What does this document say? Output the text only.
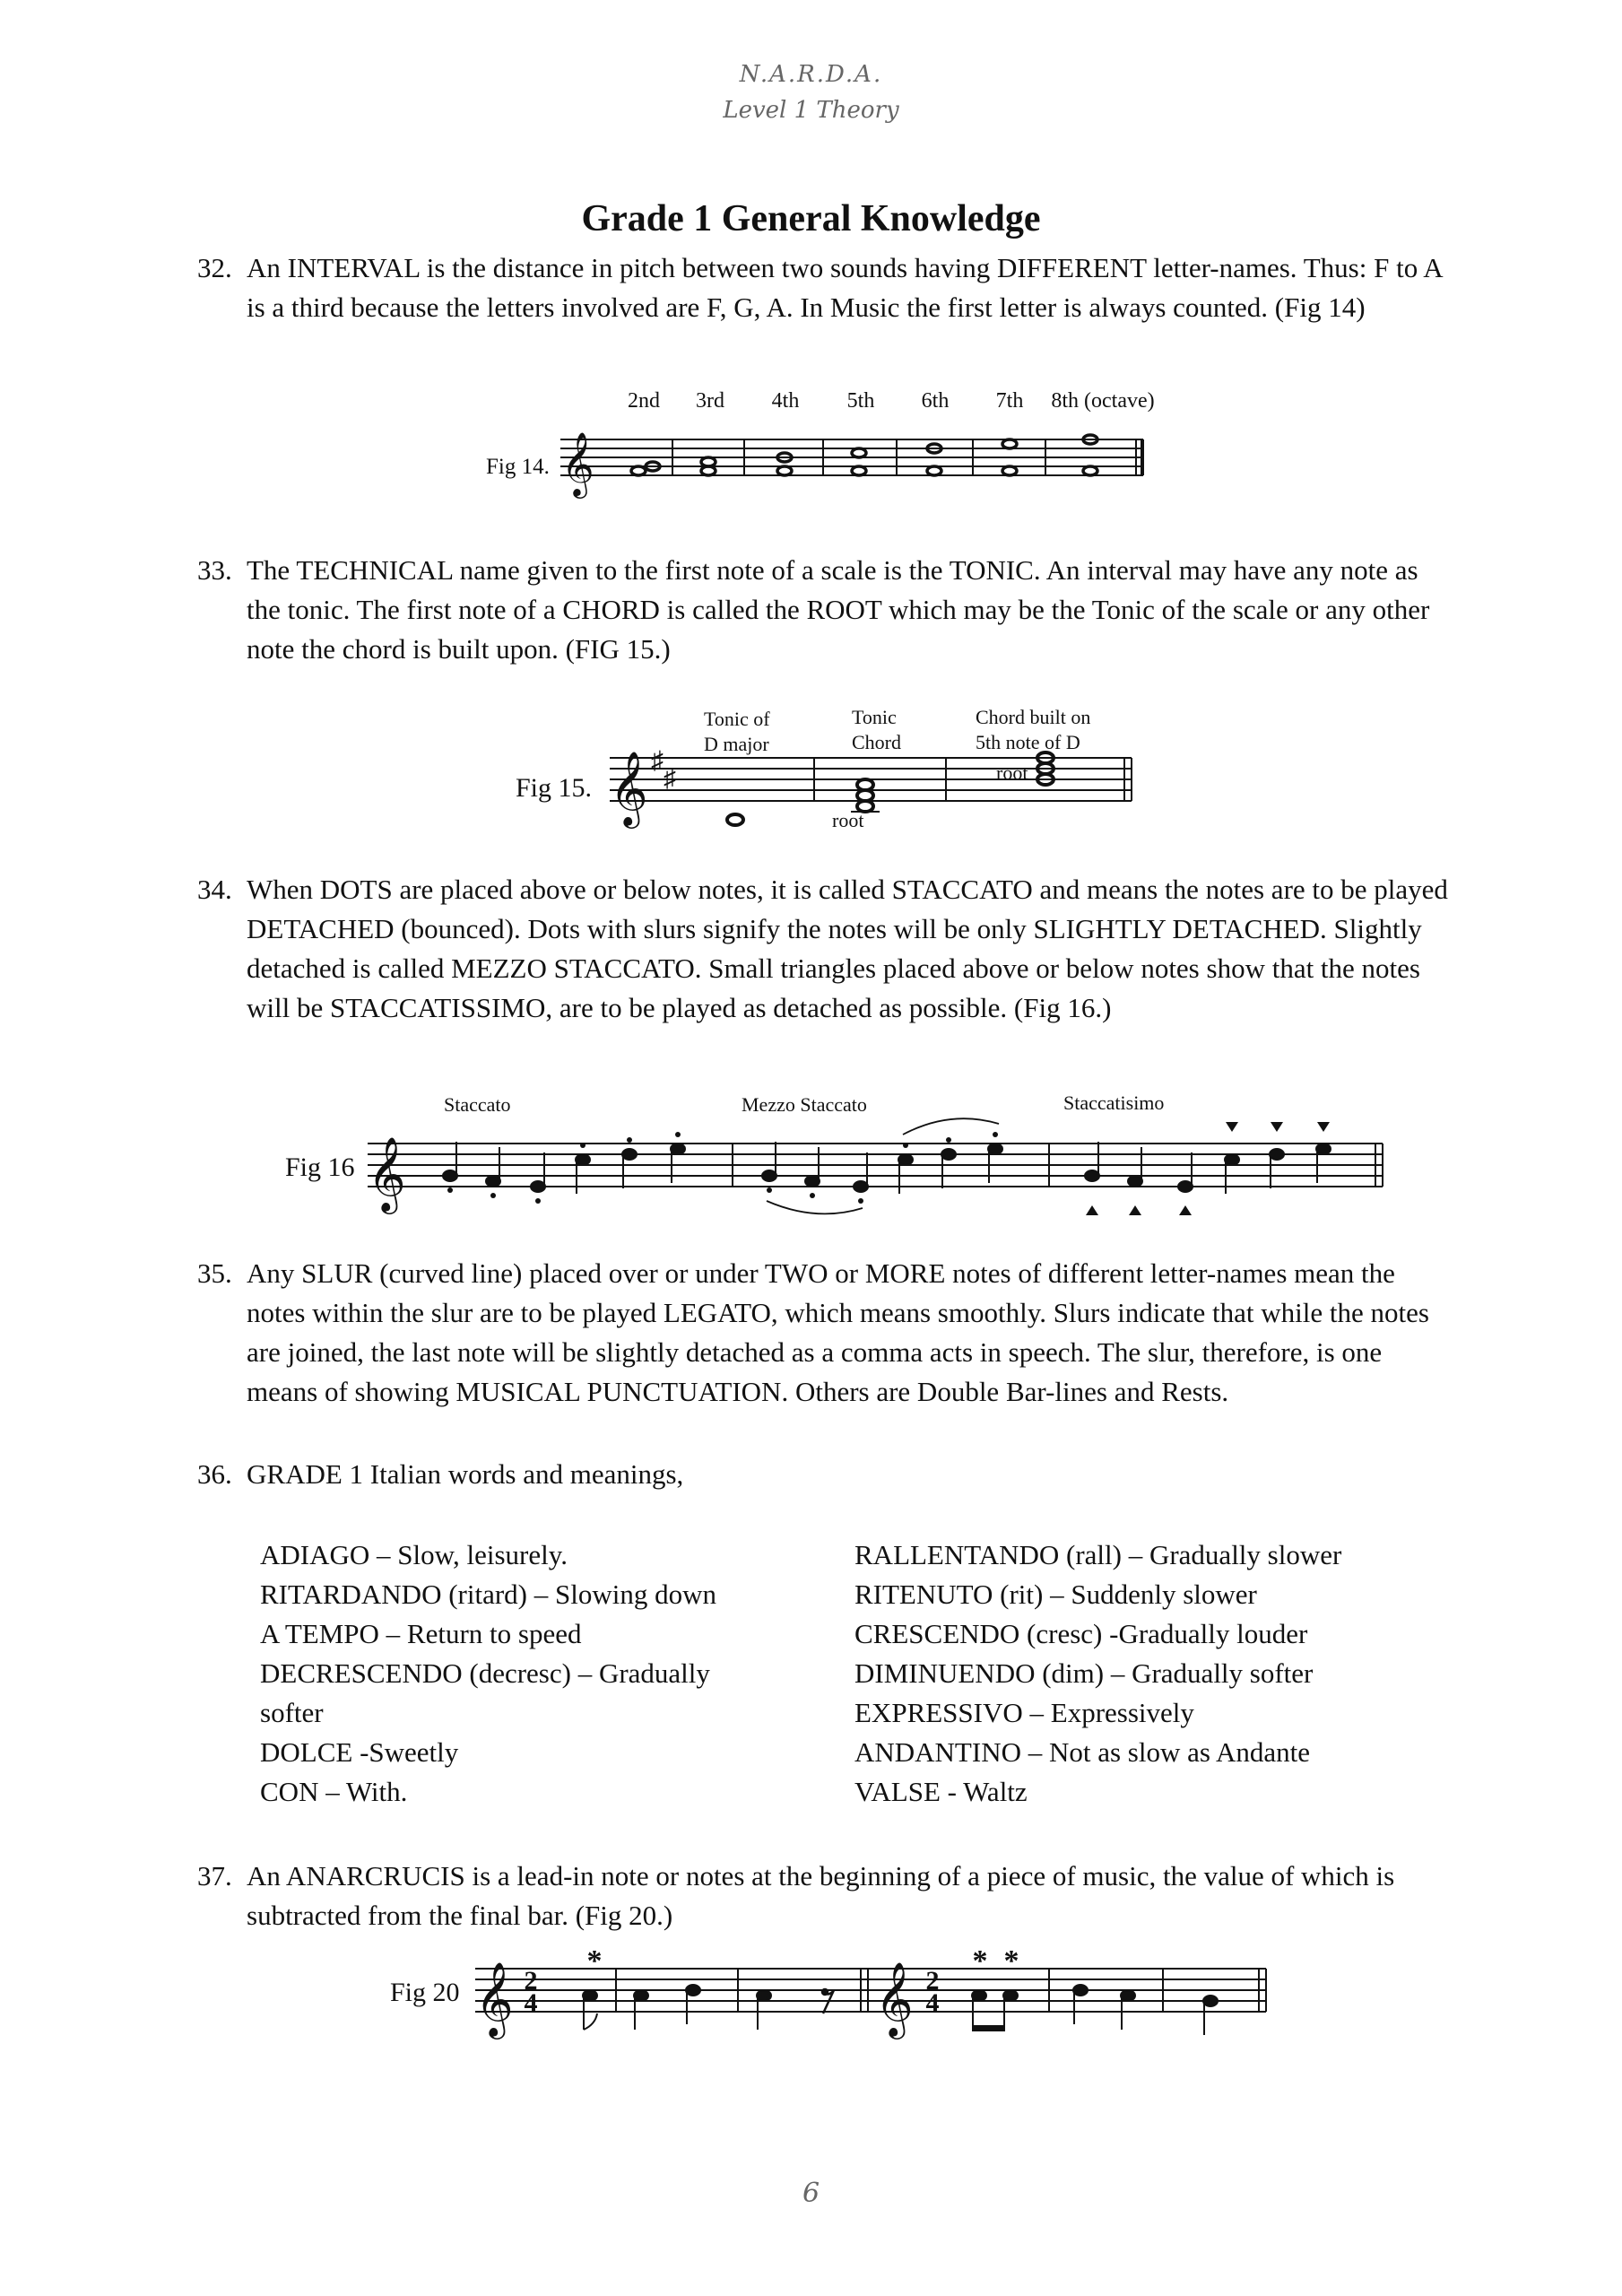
N.A.R.D.A.
Level 1 Theory
Grade 1 General Knowledge
32. An INTERVAL is the distance in pitch between two sounds having DIFFERENT letter-names. Thus: F to A is a third because the letters involved are F, G, A. In Music the first letter is always counted. (Fig 14)
Fig 14. 𝄞
2nd 3rd 4th 5th 6th 7th 8th (octave)
33. The TECHNICAL name given to the first note of a scale is the TONIC. An interval may have any note as the tonic. The first note of a CHORD is called the ROOT which may be the Tonic of the scale or any other note the chord is built upon. (FIG 15.)
Fig 15. 𝄞 ♯
♯
Tonic of
D major
Tonic
Chord
Chord built on
5th note of D
root
root
34. When DOTS are placed above or below notes, it is called STACCATO and means the notes are to be played DETACHED (bounced). Dots with slurs signify the notes will be only SLIGHTLY DETACHED. Slightly detached is called MEZZO STACCATO. Small triangles placed above or below notes show that the notes will be STACCATISSIMO, are to be played as detached as possible. (Fig 16.)
Fig 16 𝄞
Staccato	Mezzo Staccato	Staccatisimo
35. Any SLUR (curved line) placed over or under TWO or MORE notes of different letter-names mean the notes within the slur are to be played LEGATO, which means smoothly. Slurs indicate that while the notes are joined, the last note will be slightly detached as a comma acts in speech. The slur, therefore, is one means of showing MUSICAL PUNCTUATION. Others are Double Bar-lines and Rests.
36. GRADE 1 Italian words and meanings,
ADIAGO – Slow, leisurely.
RITARDANDO (ritard) – Slowing down
A TEMPO – Return to speed
DECRESCENDO (decresc) – Gradually
softer
DOLCE -Sweetly
CON – With.
RALLENTANDO (rall) – Gradually slower
RITENUTO (rit) – Suddenly slower
CRESCENDO (cresc) -Gradually louder
DIMINUENDO (dim) – Gradually softer
EXPRESSIVO – Expressively
ANDANTINO – Not as slow as Andante
VALSE - Waltz
37. An ANARCRUCIS is a lead-in note or notes at the beginning of a piece of music, the value of which is subtracted from the final bar. (Fig 20.)
Fig 20 𝄞	𝄞
2
4
2
4
*	* *
6
